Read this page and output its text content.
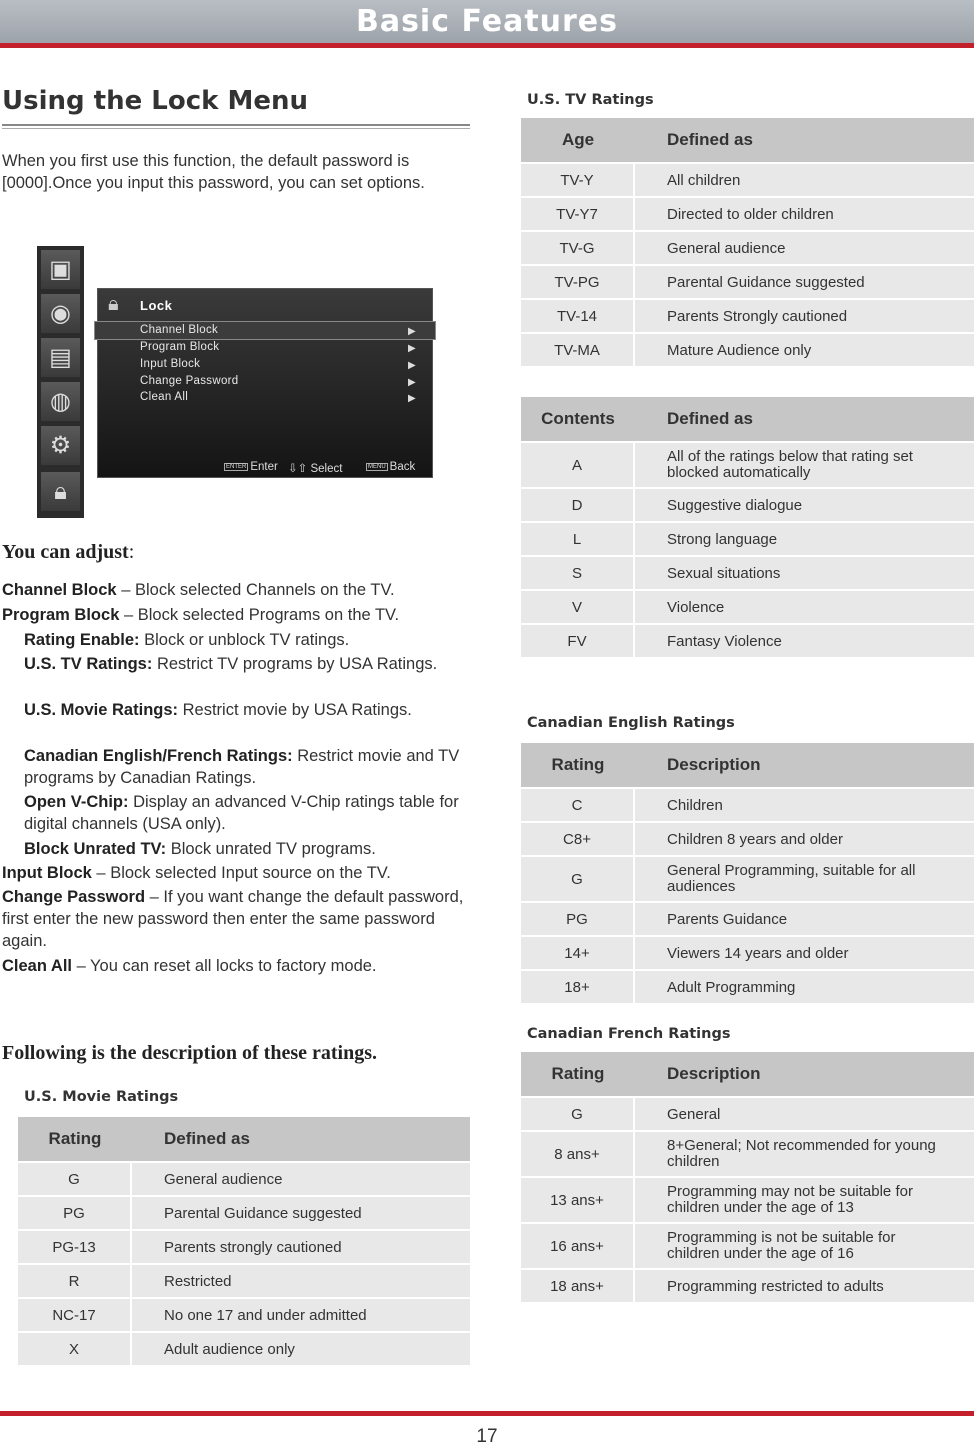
Basic Features
Using the Lock Menu
When you first use this function, the default password is [0000].Once you input this password, you can set options.
▣
◉
▤
◍
⚙
🔒︎
🔒︎ Lock
Channel Block
Program Block
Input Block
Change Password
Clean All
▶
▶
▶
▶
▶
ENTER Enter ⇩⇧ Select	MENU Back
You can adjust:
Channel Block – Block selected Channels on the TV.
Program Block – Block selected Programs on the TV.
Rating Enable: Block or unblock TV ratings.
U.S. TV Ratings: Restrict TV programs by USA Ratings.
U.S. Movie Ratings: Restrict movie by USA Ratings.
Canadian English/French Ratings: Restrict movie and TV programs by Canadian Ratings.
Open V-Chip: Display an advanced V-Chip ratings table for digital channels (USA only).
Block Unrated TV: Block unrated TV programs.
Input Block – Block selected Input source on the TV.
Change Password – If you want change the default password, first enter the new password then enter the same password again.
Clean All – You can reset all locks to factory mode.
Following is the description of these ratings.
U.S. Movie Ratings
Rating	Defined as
G	General audience
PG	Parental Guidance suggested
PG-13	Parents strongly cautioned
R	Restricted
NC-17	No one 17 and under admitted
X	Adult audience only
U.S. TV Ratings
Age	Defined as
TV-Y	All children
TV-Y7	Directed to older children
TV-G	General audience
TV-PG	Parental Guidance suggested
TV-14	Parents Strongly cautioned
TV-MA	Mature Audience only
Contents	Defined as
A	All of the ratings below that rating set blocked automatically
D	Suggestive dialogue
L	Strong language
S	Sexual situations
V	Violence
FV	Fantasy Violence
Canadian English Ratings
Rating	Description
C	Children
C8+	Children 8 years and older
G	General Programming, suitable for all audiences
PG	Parents Guidance
14+	Viewers 14 years and older
18+	Adult Programming
Canadian French Ratings
Rating	Description
G	General
8 ans+	8+General; Not recommended for young children
13 ans+	Programming may not be suitable for children under the age of 13
16 ans+	Programming is not be suitable for children under the age of 16
18 ans+	Programming restricted to adults
17
